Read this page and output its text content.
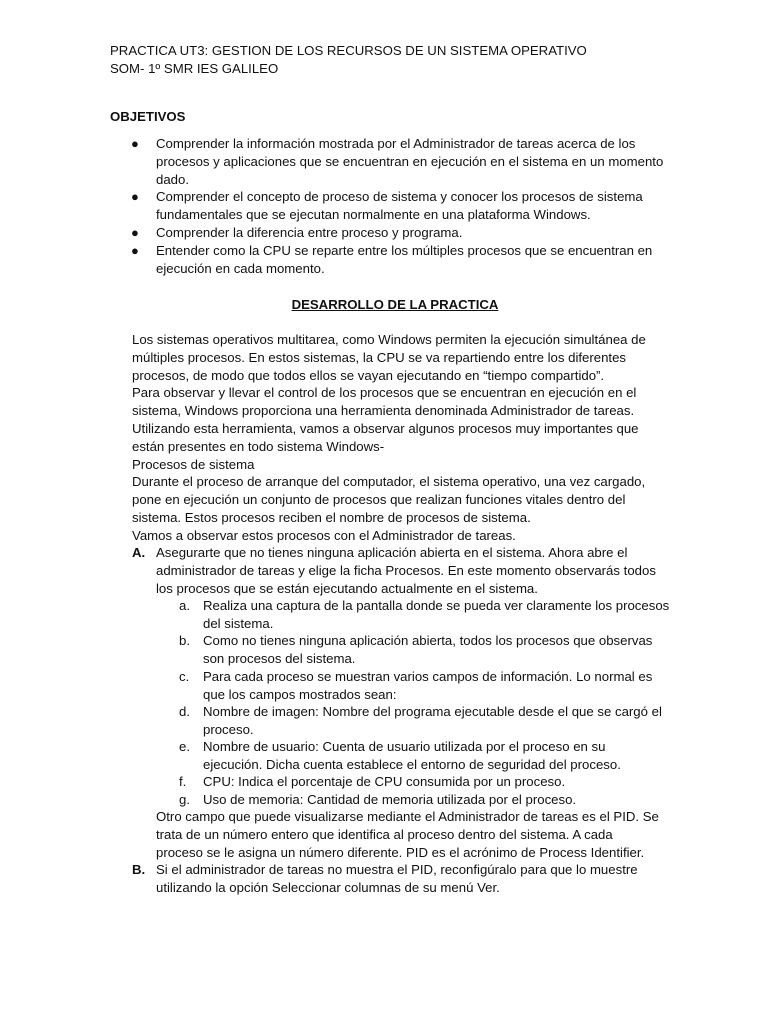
PRACTICA UT3: GESTION DE LOS RECURSOS DE UN SISTEMA OPERATIVO
SOM- 1º SMR IES GALILEO
OBJETIVOS
● Comprender la información mostrada por el Administrador de tareas acerca de los
procesos y aplicaciones que se encuentran en ejecución en el sistema en un momento
dado.
● Comprender el concepto de proceso de sistema y conocer los procesos de sistema
fundamentales que se ejecutan normalmente en una plataforma Windows.
● Comprender la diferencia entre proceso y programa.
● Entender como la CPU se reparte entre los múltiples procesos que se encuentran en
ejecución en cada momento.
DESARROLLO DE LA PRACTICA
Los sistemas operativos multitarea, como Windows permiten la ejecución simultánea de
múltiples procesos. En estos sistemas, la CPU se va repartiendo entre los diferentes
procesos, de modo que todos ellos se vayan ejecutando en “tiempo compartido”.
Para observar y llevar el control de los procesos que se encuentran en ejecución en el
sistema, Windows proporciona una herramienta denominada Administrador de tareas.
Utilizando esta herramienta, vamos a observar algunos procesos muy importantes que
están presentes en todo sistema Windows-
Procesos de sistema
Durante el proceso de arranque del computador, el sistema operativo, una vez cargado,
pone en ejecución un conjunto de procesos que realizan funciones vitales dentro del
sistema. Estos procesos reciben el nombre de procesos de sistema.
Vamos a observar estos procesos con el Administrador de tareas.
A. Asegurarte que no tienes ninguna aplicación abierta en el sistema. Ahora abre el
administrador de tareas y elige la ficha Procesos. En este momento observarás todos
los procesos que se están ejecutando actualmente en el sistema.
a. Realiza una captura de la pantalla donde se pueda ver claramente los procesos
del sistema.
b. Como no tienes ninguna aplicación abierta, todos los procesos que observas
son procesos del sistema.
c. Para cada proceso se muestran varios campos de información. Lo normal es
que los campos mostrados sean:
d. Nombre de imagen: Nombre del programa ejecutable desde el que se cargó el
proceso.
e. Nombre de usuario: Cuenta de usuario utilizada por el proceso en su
ejecución. Dicha cuenta establece el entorno de seguridad del proceso.
f. CPU: Indica el porcentaje de CPU consumida por un proceso.
g. Uso de memoria: Cantidad de memoria utilizada por el proceso.
Otro campo que puede visualizarse mediante el Administrador de tareas es el PID. Se
trata de un número entero que identifica al proceso dentro del sistema. A cada
proceso se le asigna un número diferente. PID es el acrónimo de Process Identifier.
B. Si el administrador de tareas no muestra el PID, reconfigúralo para que lo muestre
utilizando la opción Seleccionar columnas de su menú Ver.
